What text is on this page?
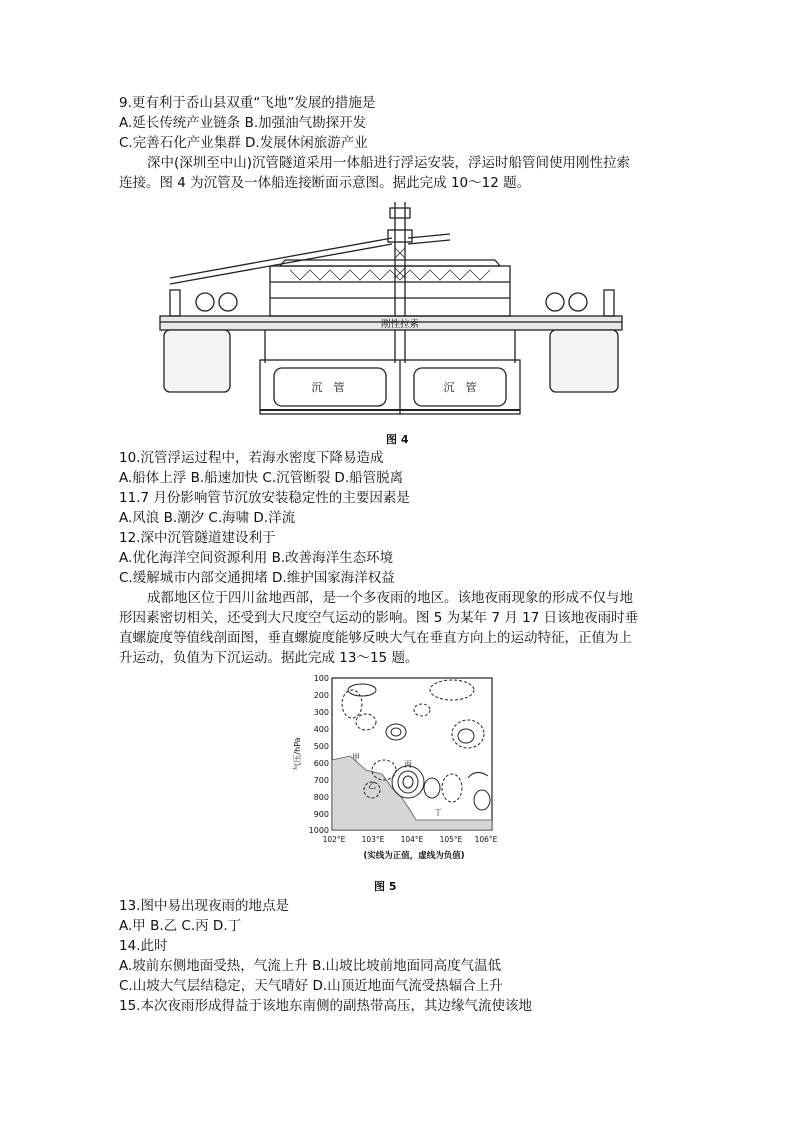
9.更有利于岙山县双重“飞地”发展的措施是
A.延长传统产业链条 B.加强油气勘探开发
C.完善石化产业集群 D.发展休闲旅游产业
深中(深圳至中山)沉管隧道采用一体船进行浮运安装，浮运时船管间使用刚性拉索
连接。图 4 为沉管及一体船连接断面示意图。据此完成 10～12 题。
刚性拉索
沉　管	沉　管
图 4
10.沉管浮运过程中，若海水密度下降易造成
A.船体上浮 B.船速加快 C.沉管断裂 D.船管脱离
11.7 月份影响管节沉放安装稳定性的主要因素是
A.风浪 B.潮汐 C.海啸 D.洋流
12.深中沉管隧道建设利于
A.优化海洋空间资源利用 B.改善海洋生态环境
C.缓解城市内部交通拥堵 D.维护国家海洋权益
成都地区位于四川盆地西部，是一个多夜雨的地区。该地夜雨现象的形成不仅与地
形因素密切相关，还受到大尺度空气运动的影响。图 5 为某年 7 月 17 日该地夜雨时垂
直螺旋度等值线剖面图，垂直螺旋度能够反映大气在垂直方向上的运动特征，正值为上
升运动，负值为下沉运动。据此完成 13～15 题。
气压/hPa
100
200
300
400
500
600
700
800
900
1000
102°E 103°E 104°E 105°E 106°E
甲
乙
丙
丁
(实线为正值，虚线为负值)
图 5
13.图中易出现夜雨的地点是
A.甲 B.乙 C.丙 D.丁
14.此时
A.坡前东侧地面受热，气流上升 B.山坡比坡前地面同高度气温低
C.山坡大气层结稳定，天气晴好 D.山顶近地面气流受热辐合上升
15.本次夜雨形成得益于该地东南侧的副热带高压，其边缘气流使该地
